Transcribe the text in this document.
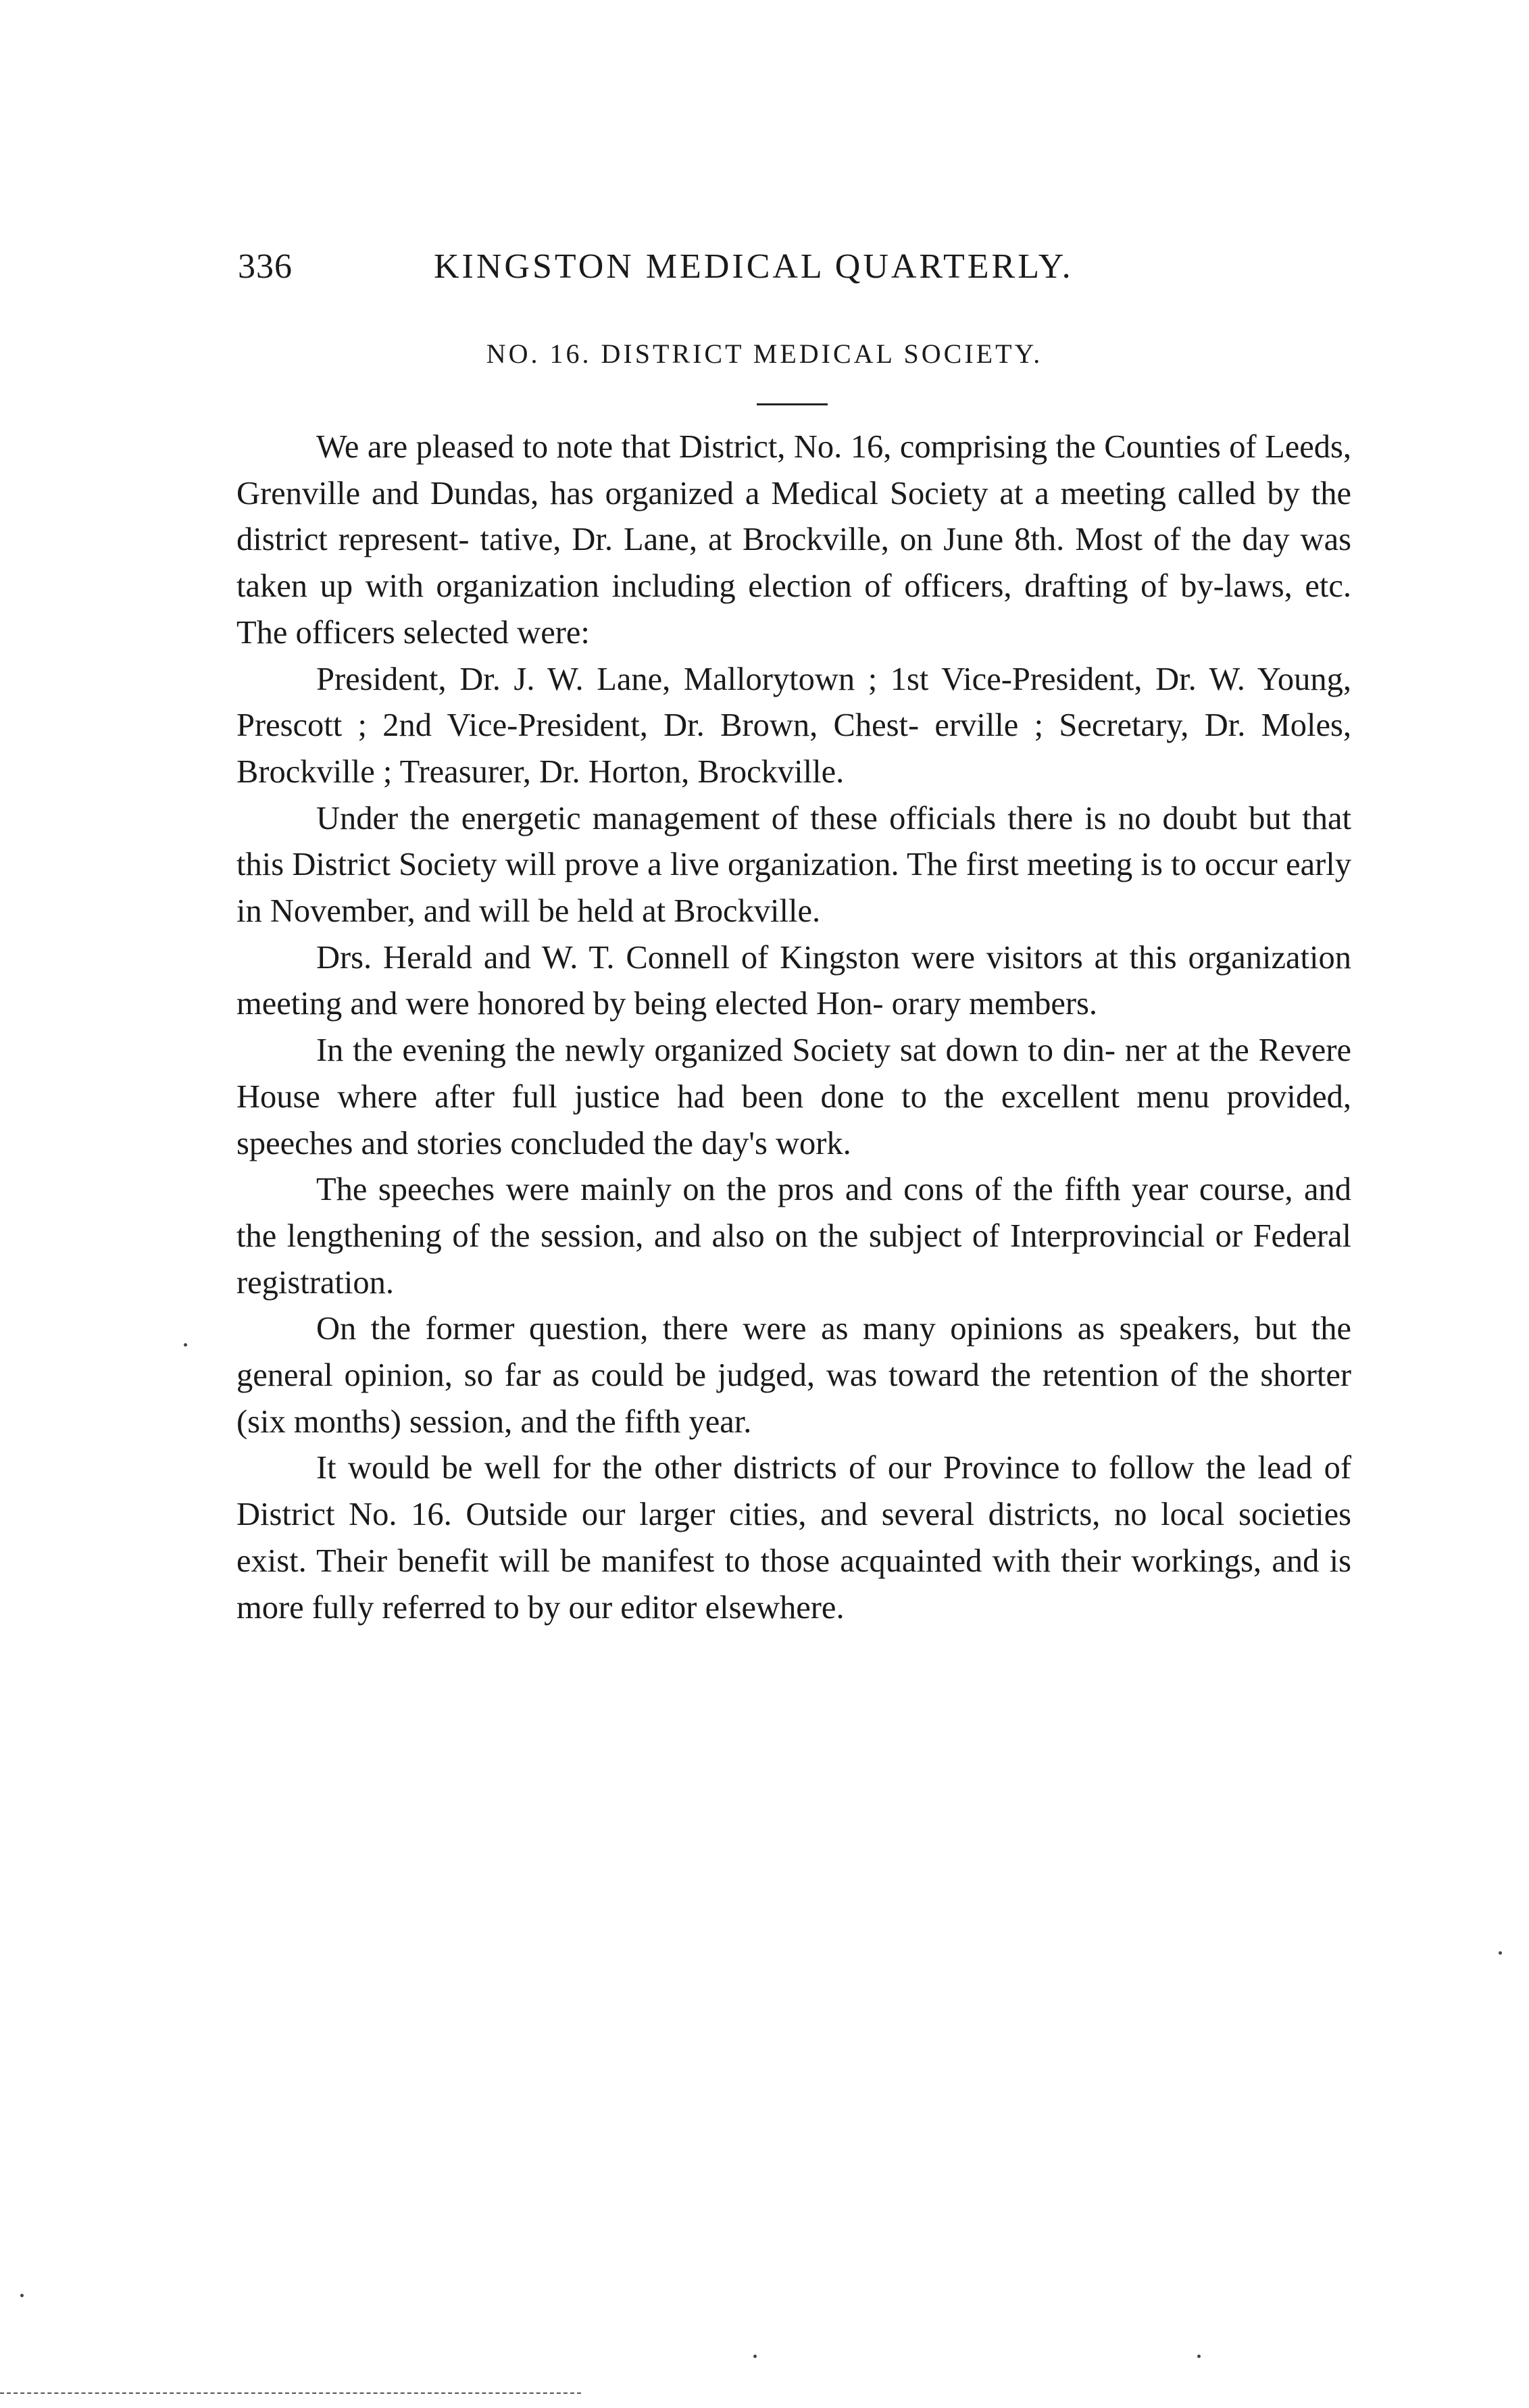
336	KINGSTON MEDICAL QUARTERLY.
NO. 16. DISTRICT MEDICAL SOCIETY.

We are pleased to note that District, No. 16, comprising the Counties of Leeds, Grenville and Dundas, has organized a Medical Society at a meeting called by the district represent- tative, Dr. Lane, at Brockville, on June 8th. Most of the day was taken up with organization including election of officers, drafting of by-laws, etc. The officers selected were:

President, Dr. J. W. Lane, Mallorytown ; 1st Vice-President, Dr. W. Young, Prescott ; 2nd Vice-President, Dr. Brown, Chest- erville ; Secretary, Dr. Moles, Brockville ; Treasurer, Dr. Horton, Brockville.

Under the energetic management of these officials there is no doubt but that this District Society will prove a live organization. The first meeting is to occur early in November, and will be held at Brockville.

Drs. Herald and W. T. Connell of Kingston were visitors at this organization meeting and were honored by being elected Hon- orary members.

In the evening the newly organized Society sat down to din- ner at the Revere House where after full justice had been done to the excellent menu provided, speeches and stories concluded the day's work.

The speeches were mainly on the pros and cons of the fifth year course, and the lengthening of the session, and also on the subject of Interprovincial or Federal registration.

On the former question, there were as many opinions as speakers, but the general opinion, so far as could be judged, was toward the retention of the shorter (six months) session, and the fifth year.

It would be well for the other districts of our Province to follow the lead of District No. 16. Outside our larger cities, and several districts, no local societies exist. Their benefit will be manifest to those acquainted with their workings, and is more fully referred to by our editor elsewhere.
